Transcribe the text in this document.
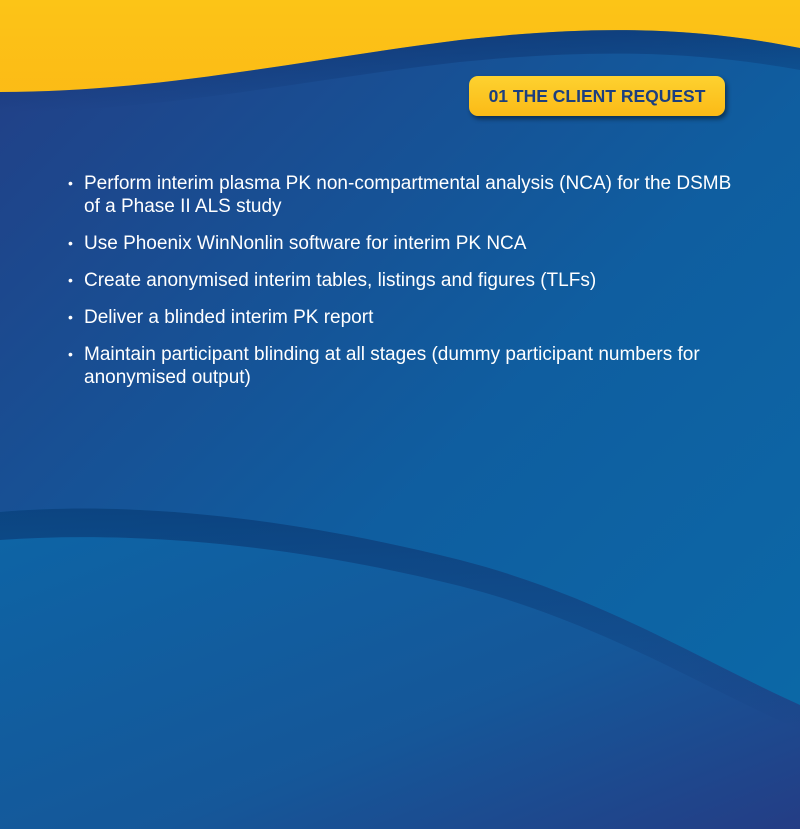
01 THE CLIENT REQUEST
• Perform interim plasma PK non-compartmental analysis (NCA) for the DSMB of a Phase II ALS study
• Use Phoenix WinNonlin software for interim PK NCA
• Create anonymised interim tables, listings and figures (TLFs)
• Deliver a blinded interim PK report
• Maintain participant blinding at all stages (dummy participant numbers for anonymised output)
